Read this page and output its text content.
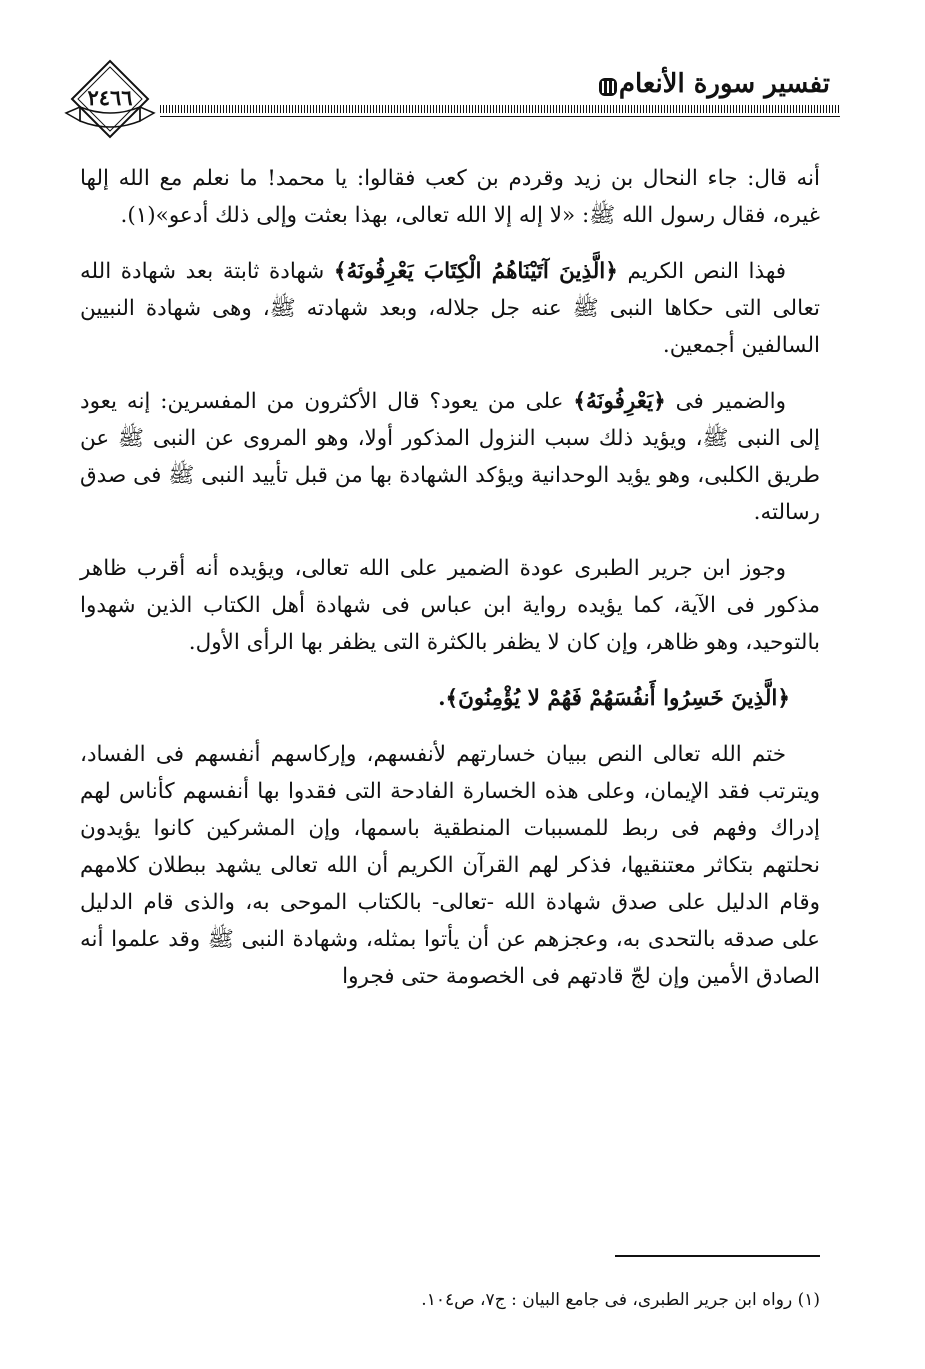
٢٤٦٦	تفسير سورة الأنعام

أنه قال: جاء النحال بن زيد وقردم بن كعب فقالوا: يا محمد! ما نعلم مع الله إلها غيره، فقال رسول الله ﷺ: «لا إله إلا الله تعالى، بهذا بعثت وإلى ذلك أدعو»(١).

فهذا النص الكريم ﴿الَّذِينَ آتَيْنَاهُمُ الْكِتَابَ يَعْرِفُونَهُ﴾ شهادة ثابتة بعد شهادة الله تعالى التى حكاها النبى ﷺ عنه جل جلاله، وبعد شهادته ﷺ، وهى شهادة النبيين السالفين أجمعين.

والضمير فى ﴿يَعْرِفُونَهُ﴾ على من يعود؟ قال الأكثرون من المفسرين: إنه يعود إلى النبى ﷺ، ويؤيد ذلك سبب النزول المذكور أولا، وهو المروى عن النبى ﷺ عن طريق الكلبى، وهو يؤيد الوحدانية ويؤكد الشهادة بها من قبل تأييد النبى ﷺ فى صدق رسالته.

وجوز ابن جرير الطبرى عودة الضمير على الله تعالى، ويؤيده أنه أقرب ظاهر مذكور فى الآية، كما يؤيده رواية ابن عباس فى شهادة أهل الكتاب الذين شهدوا بالتوحيد، وهو ظاهر، وإن كان لا يظفر بالكثرة التى يظفر بها الرأى الأول.

﴿الَّذِينَ خَسِرُوا أَنفُسَهُمْ فَهُمْ لا يُؤْمِنُونَ﴾.

ختم الله تعالى النص ببيان خسارتهم لأنفسهم، وإركاسهم أنفسهم فى الفساد، ويترتب فقد الإيمان، وعلى هذه الخسارة الفادحة التى فقدوا بها أنفسهم كأناس لهم إدراك وفهم فى ربط للمسببات المنطقية باسمها، وإن المشركين كانوا يؤيدون نحلتهم بتكاثر معتنقيها، فذكر لهم القرآن الكريم أن الله تعالى يشهد ببطلان كلامهم وقام الدليل على صدق شهادة الله -تعالى- بالكتاب الموحى به، والذى قام الدليل على صدقه بالتحدى به، وعجزهم عن أن يأتوا بمثله، وشهادة النبى ﷺ وقد علموا أنه الصادق الأمين وإن لجّ قادتهم فى الخصومة حتى فجروا

(١) رواه ابن جرير الطبرى، فى جامع البيان : ج٧، ص١٠٤.
